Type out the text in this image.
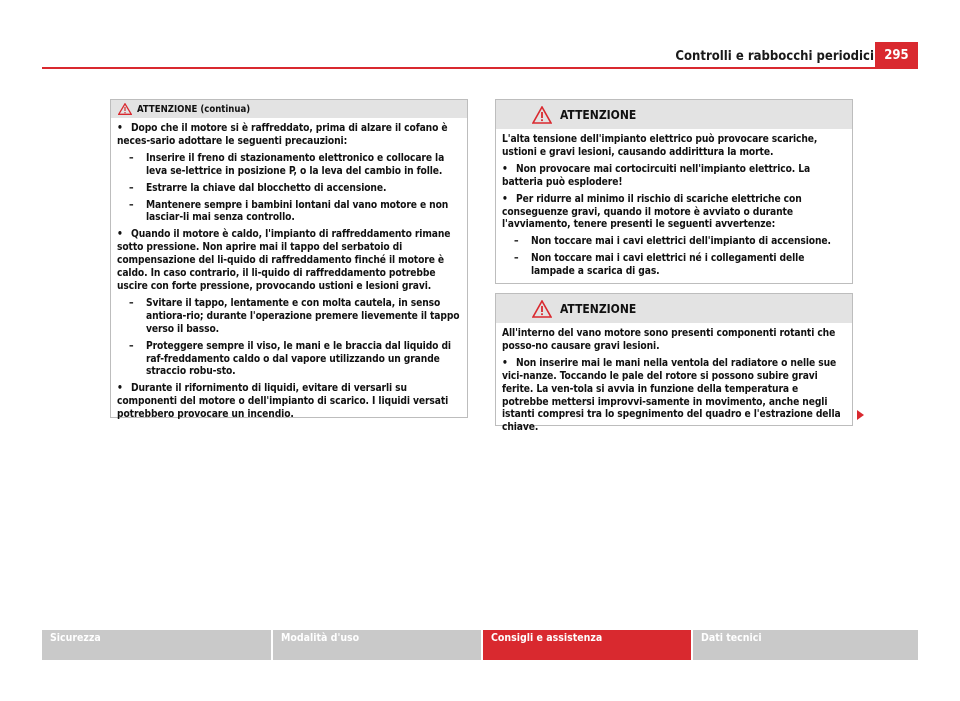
Controlli e rabbocchi periodici 295
ATTENZIONE (continua)
• Dopo che il motore si è raffreddato, prima di alzare il cofano è neces-sario adottare le seguenti precauzioni:
–	Inserire il freno di stazionamento elettronico e collocare la leva se-lettrice in posizione P, o la leva del cambio in folle.
–	Estrarre la chiave dal blocchetto di accensione.
–	Mantenere sempre i bambini lontani dal vano motore e non lasciar-li mai senza controllo.
• Quando il motore è caldo, l'impianto di raffreddamento rimane sotto pressione. Non aprire mai il tappo del serbatoio di compensazione del li-quido di raffreddamento finché il motore è caldo. In caso contrario, il li-quido di raffreddamento potrebbe uscire con forte pressione, provocando ustioni e lesioni gravi.
–	Svitare il tappo, lentamente e con molta cautela, in senso antiora-rio; durante l'operazione premere lievemente il tappo verso il basso.
–	Proteggere sempre il viso, le mani e le braccia dal liquido di raf-freddamento caldo o dal vapore utilizzando un grande straccio robu-sto.
• Durante il rifornimento di liquidi, evitare di versarli su componenti del motore o dell'impianto di scarico. I liquidi versati potrebbero provocare un incendio.
ATTENZIONE

L'alta tensione dell'impianto elettrico può provocare scariche, ustioni e gravi lesioni, causando addirittura la morte.

• Non provocare mai cortocircuiti nell'impianto elettrico. La batteria può esplodere!
• Per ridurre al minimo il rischio di scariche elettriche con conseguenze gravi, quando il motore è avviato o durante l'avviamento, tenere presenti le seguenti avvertenze:
–	Non toccare mai i cavi elettrici dell'impianto di accensione.
–	Non toccare mai i cavi elettrici né i collegamenti delle lampade a scarica di gas.
ATTENZIONE

All'interno del vano motore sono presenti componenti rotanti che posso-no causare gravi lesioni.

• Non inserire mai le mani nella ventola del radiatore o nelle sue vici-nanze. Toccando le pale del rotore si possono subire gravi ferite. La ven-tola si avvia in funzione della temperatura e potrebbe mettersi improvvi-samente in movimento, anche negli istanti compresi tra lo spegnimento del quadro e l'estrazione della chiave.
Sicurezza	Modalità d'uso	Consigli e assistenza	Dati tecnici
